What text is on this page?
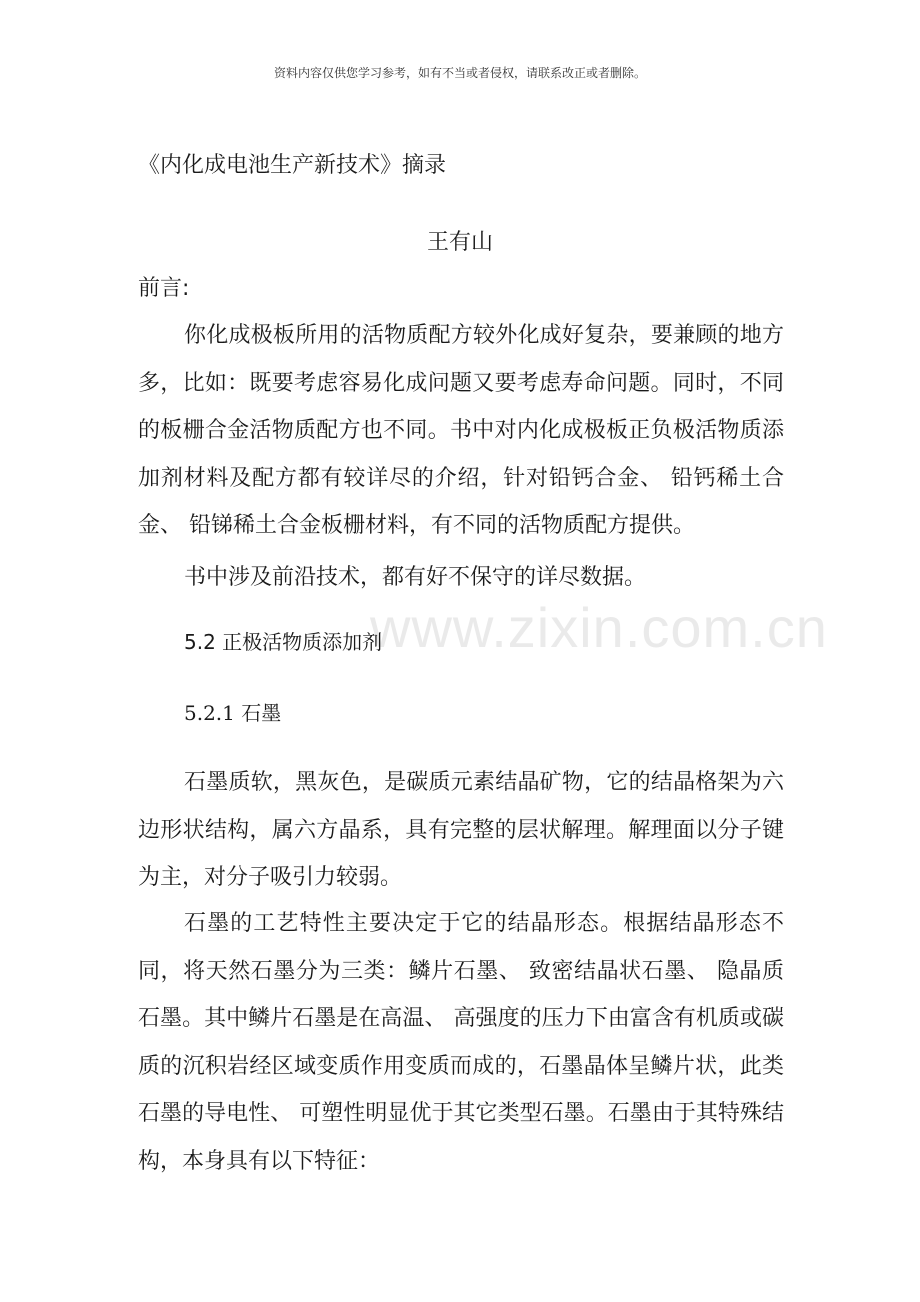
资料内容仅供您学习参考，如有不当或者侵权，请联系改正或者删除。
《内化成电池生产新技术》摘录
王有山
前言:

你化成极板所用的活物质配方较外化成好复杂，要兼顾的地方多，比如：既要考虑容易化成问题又要考虑寿命问题。同时，不同的板栅合金活物质配方也不同。书中对内化成极板正负极活物质添加剂材料及配方都有较详尽的介绍，针对铅钙合金、 铅钙稀土合金、 铅锑稀土合金板栅材料，有不同的活物质配方提供。

书中涉及前沿技术，都有好不保守的详尽数据。

www.zixin.com.cn
5.2 正极活物质添加剂
5.2.1 石墨

石墨质软，黑灰色，是碳质元素结晶矿物，它的结晶格架为六边形状结构，属六方晶系，具有完整的层状解理。解理面以分子键为主，对分子吸引力较弱。

石墨的工艺特性主要决定于它的结晶形态。根据结晶形态不同，将天然石墨分为三类：鳞片石墨、 致密结晶状石墨、 隐晶质石墨。其中鳞片石墨是在高温、 高强度的压力下由富含有机质或碳质的沉积岩经区域变质作用变质而成的，石墨晶体呈鳞片状，此类石墨的导电性、 可塑性明显优于其它类型石墨。石墨由于其特殊结构，本身具有以下特征：
